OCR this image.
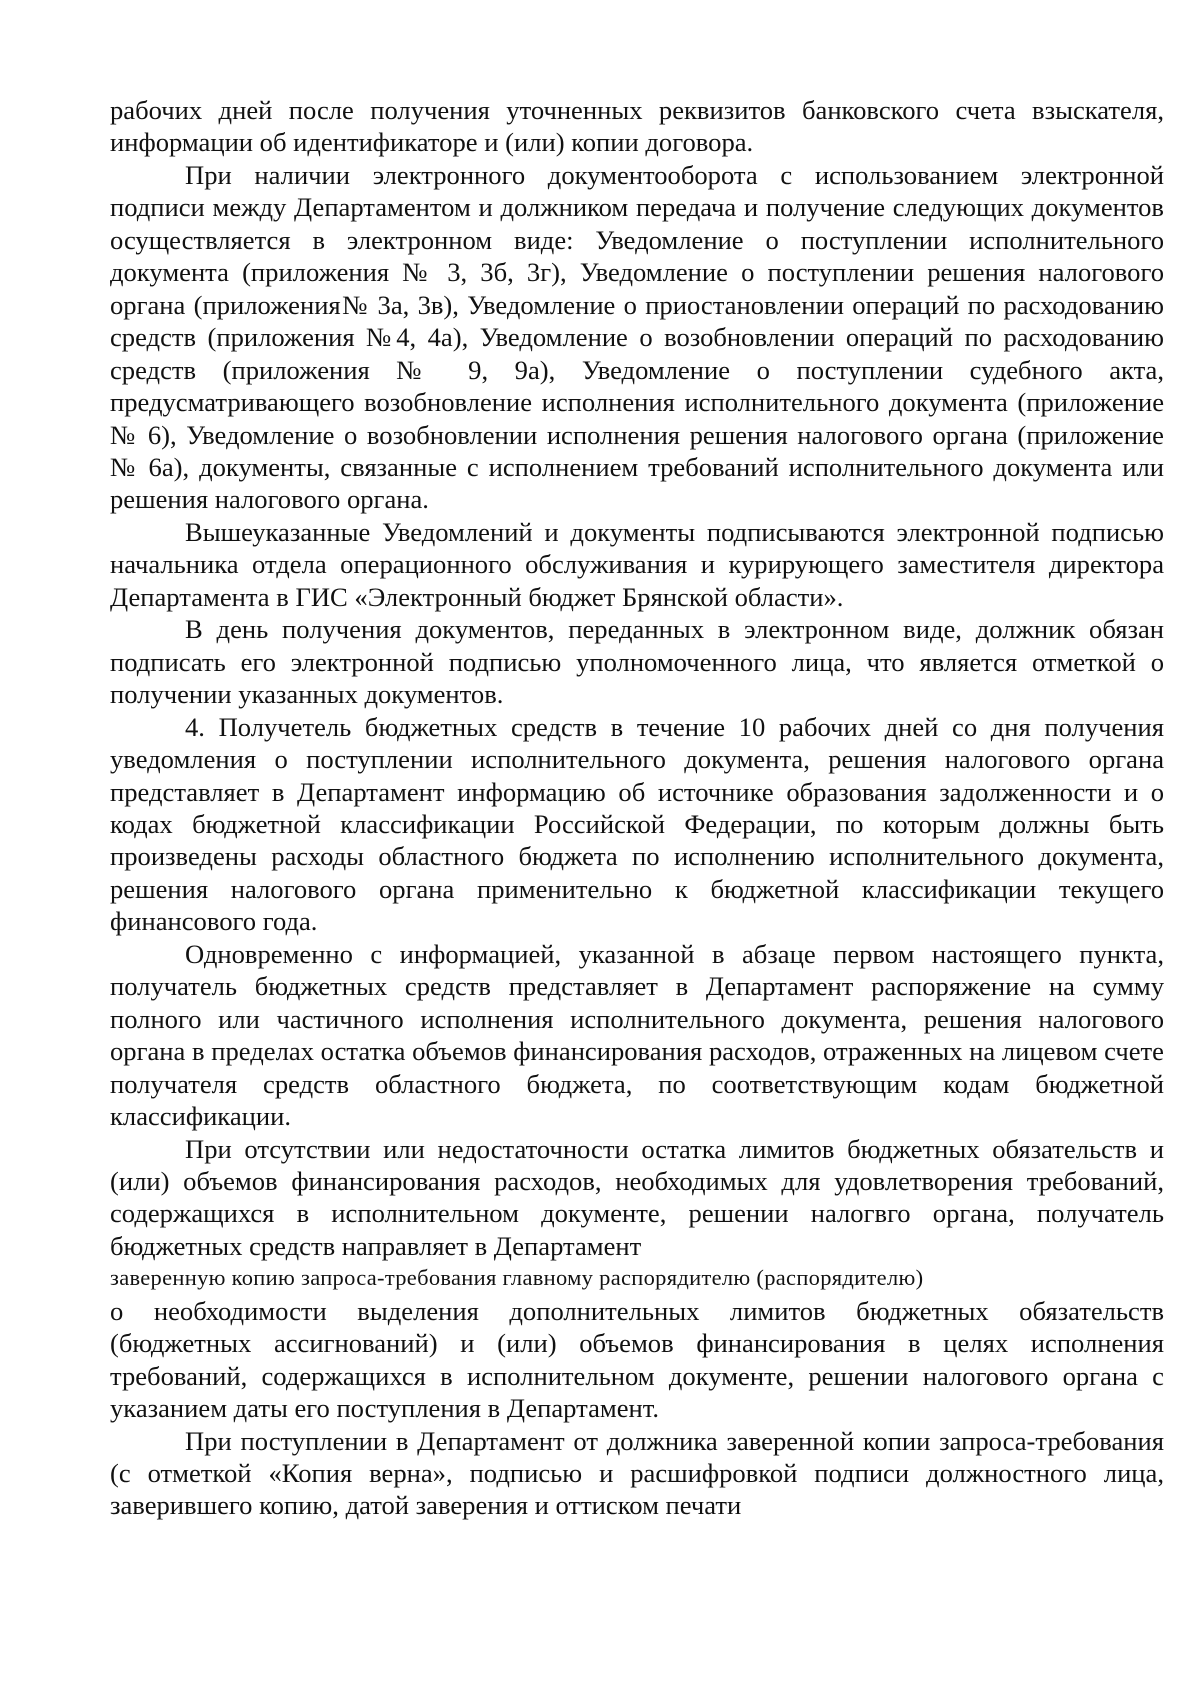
рабочих дней после получения уточненных реквизитов банковского счета взыскателя, информации об идентификаторе и (или) копии договора.

При наличии электронного документооборота с использованием электронной подписи между Департаментом и должником передача и получение следующих документов осуществляется в электронном виде: Уведомление о поступлении исполнительного документа (приложения № 3, 3б, 3г), Уведомление о поступлении решения налогового органа (приложения№ 3а, 3в), Уведомление о приостановлении операций по расходованию средств (приложения №4, 4а), Уведомление о возобновлении операций по расходованию средств (приложения № 9, 9а), Уведомление о поступлении судебного акта, предусматривающего возобновление исполнения исполнительного документа (приложение № 6), Уведомление о возобновлении исполнения решения налогового органа (приложение № 6а), документы, связанные с исполнением требований исполнительного документа или решения налогового органа.

Вышеуказанные Уведомлений и документы подписываются электронной подписью начальника отдела операционного обслуживания и курирующего заместителя директора Департамента в ГИС «Электронный бюджет Брянской области».

В день получения документов, переданных в электронном виде, должник обязан подписать его электронной подписью уполномоченного лица, что является отметкой о получении указанных документов.

4. Получетель бюджетных средств в течение 10 рабочих дней со дня получения уведомления о поступлении исполнительного документа, решения налогового органа представляет в Департамент информацию об источнике образования задолженности и о кодах бюджетной классификации Российской Федерации, по которым должны быть произведены расходы областного бюджета по исполнению исполнительного документа, решения налогового органа применительно к бюджетной классификации текущего финансового года.

Одновременно с информацией, указанной в абзаце первом настоящего пункта, получатель бюджетных средств представляет в Департамент распоряжение на сумму полного или частичного исполнения исполнительного документа, решения налогового органа в пределах остатка объемов финансирования расходов, отраженных на лицевом счете получателя средств областного бюджета, по соответствующим кодам бюджетной классификации.

При отсутствии или недостаточности остатка лимитов бюджетных обязательств и (или) объемов финансирования расходов, необходимых для удовлетворения требований, содержащихся в исполнительном документе, решении налогвго органа, получатель бюджетных средств направляет в Департамент

заверенную копию запроса-требования главному распорядителю (распорядителю)

о необходимости выделения дополнительных лимитов бюджетных обязательств (бюджетных ассигнований) и (или) объемов финансирования в целях исполнения требований, содержащихся в исполнительном документе, решении налогового органа с указанием даты его поступления в Департамент.

При поступлении в Департамент от должника заверенной копии запроса-требования (с отметкой «Копия верна», подписью и расшифровкой подписи должностного лица, заверившего копию, датой заверения и оттиском печати
